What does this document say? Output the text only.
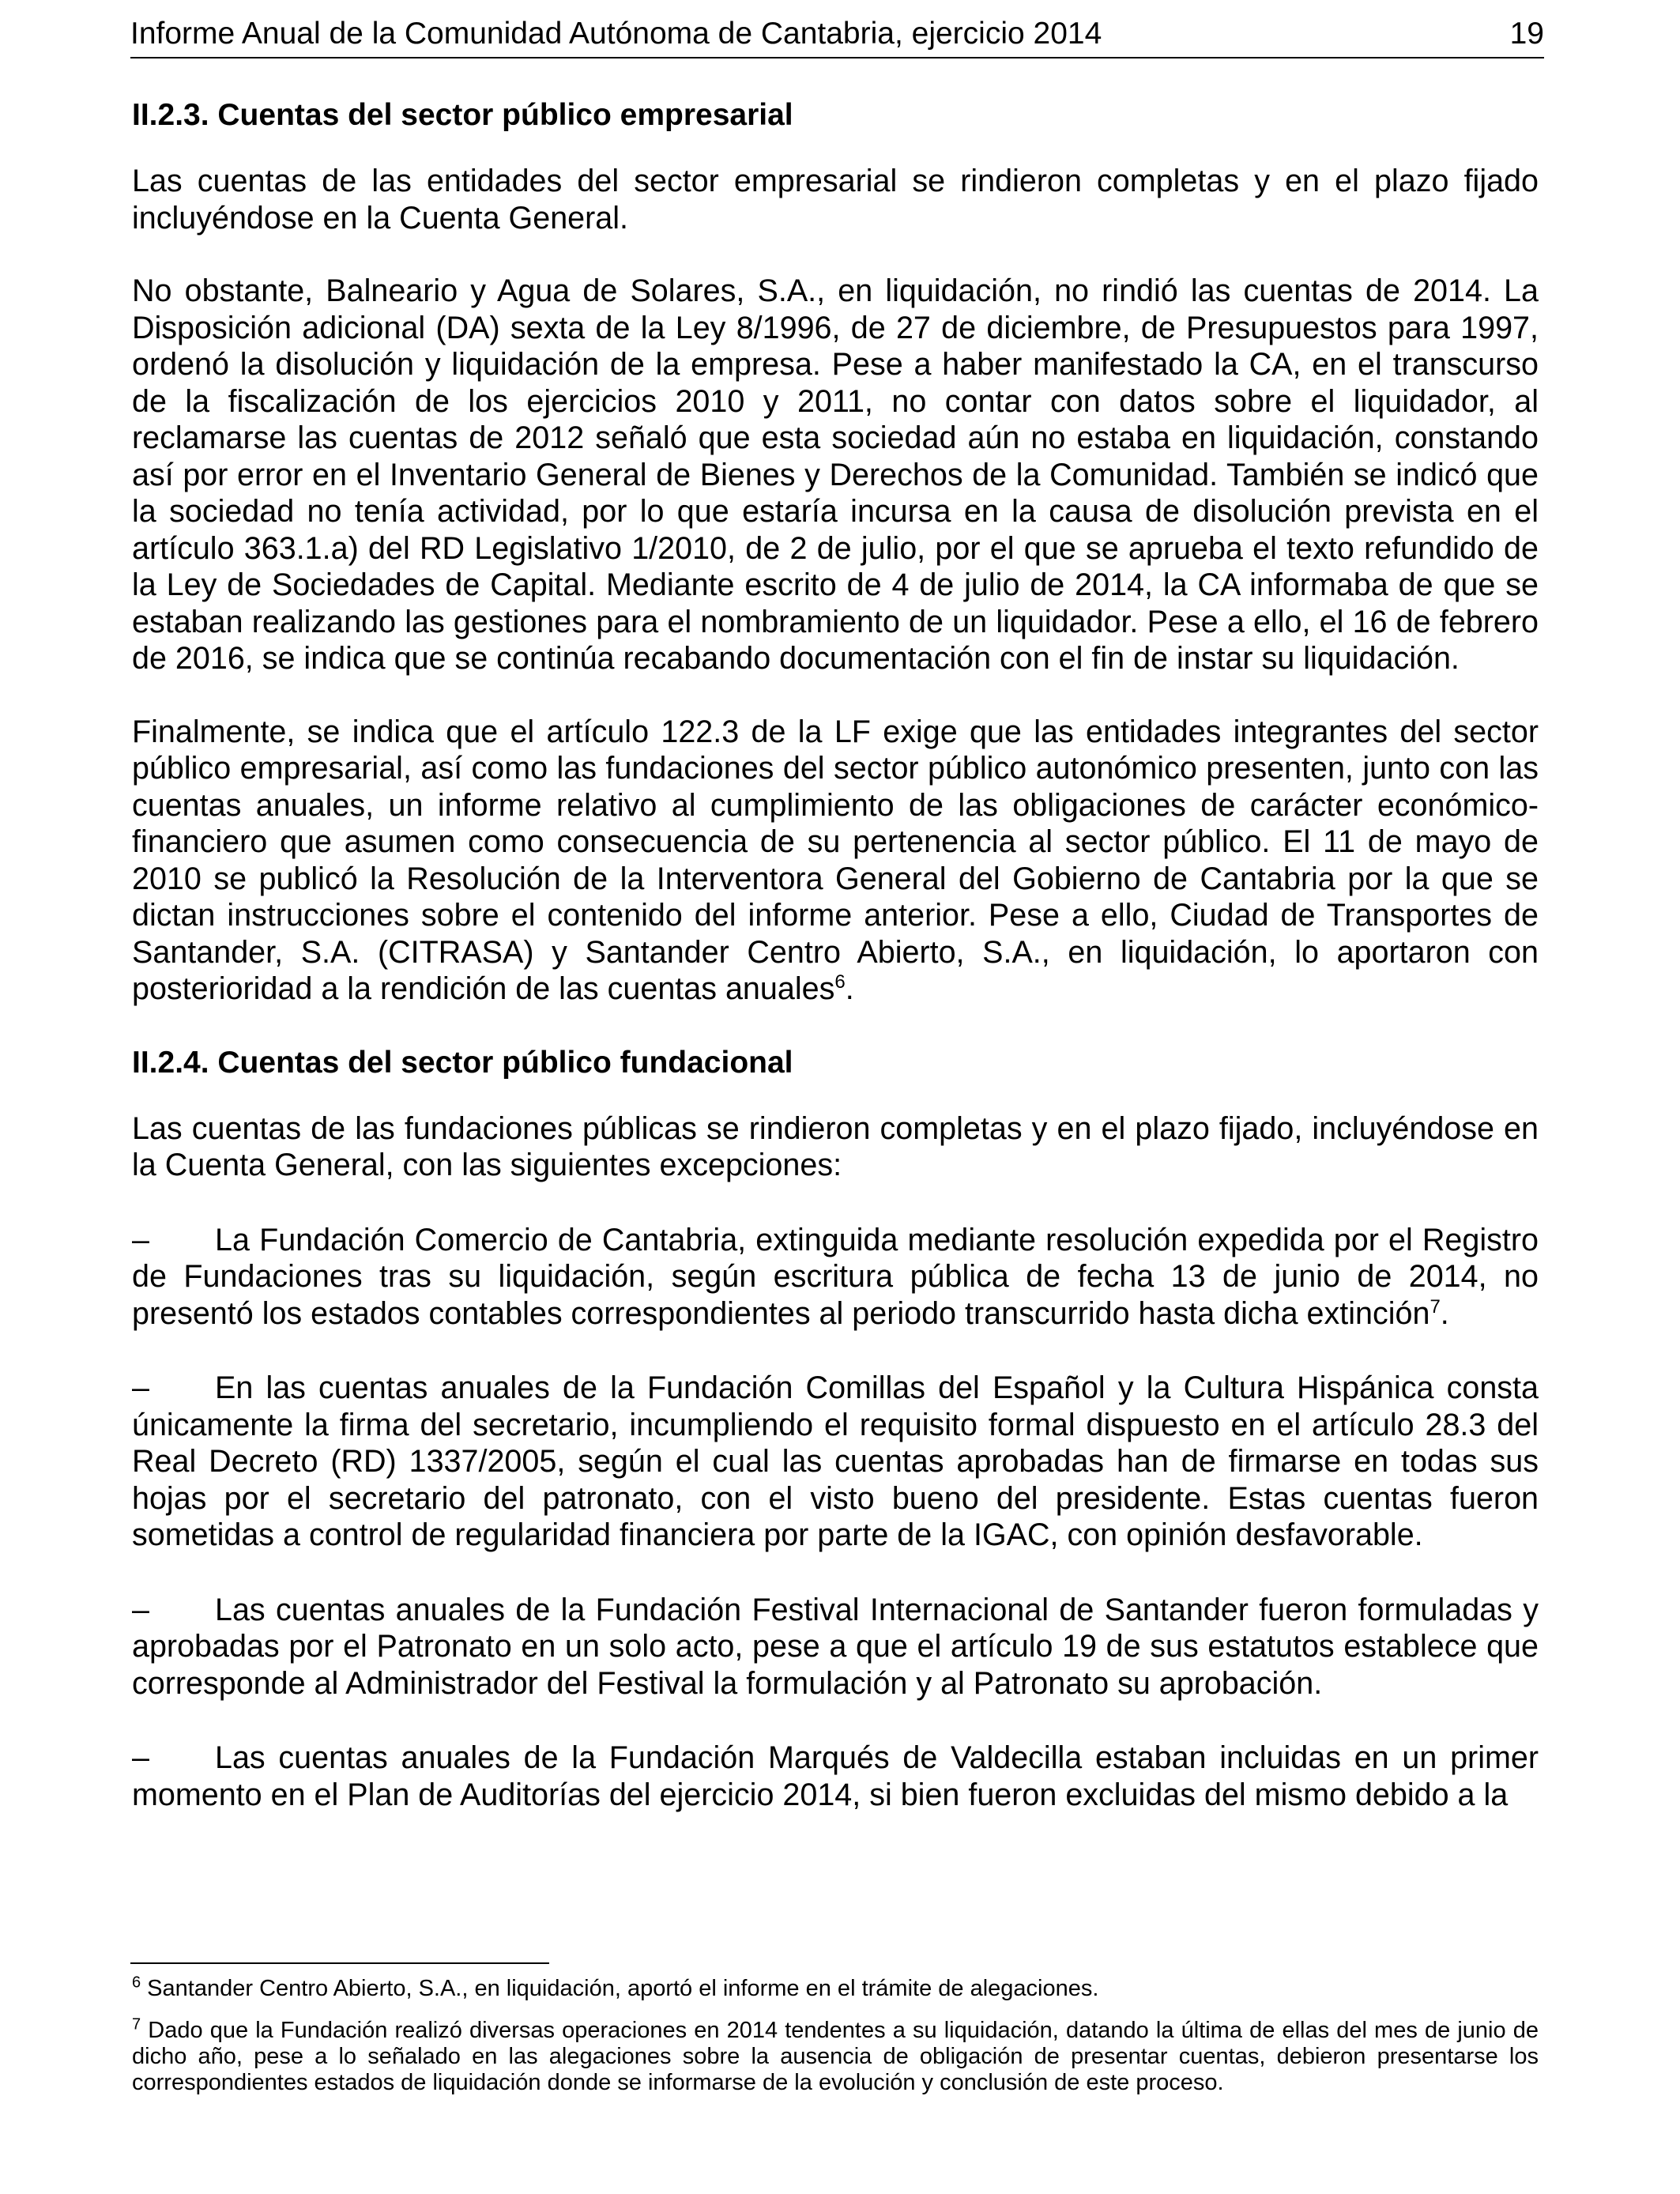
Informe Anual de la Comunidad Autónoma de Cantabria, ejercicio 2014	19
II.2.3. Cuentas del sector público empresarial

Las cuentas de las entidades del sector empresarial se rindieron completas y en el plazo fijado incluyéndose en la Cuenta General.

No obstante, Balneario y Agua de Solares, S.A., en liquidación, no rindió las cuentas de 2014. La Disposición adicional (DA) sexta de la Ley 8/1996, de 27 de diciembre, de Presupuestos para 1997, ordenó la disolución y liquidación de la empresa. Pese a haber manifestado la CA, en el transcurso de la fiscalización de los ejercicios 2010 y 2011, no contar con datos sobre el liquidador, al reclamarse las cuentas de 2012 señaló que esta sociedad aún no estaba en liquidación, constando así por error en el Inventario General de Bienes y Derechos de la Comunidad. También se indicó que la sociedad no tenía actividad, por lo que estaría incursa en la causa de disolución prevista en el artículo 363.1.a) del RD Legislativo 1/2010, de 2 de julio, por el que se aprueba el texto refundido de la Ley de Sociedades de Capital. Mediante escrito de 4 de julio de 2014, la CA informaba de que se estaban realizando las gestiones para el nombramiento de un liquidador. Pese a ello, el 16 de febrero de 2016, se indica que se continúa recabando documentación con el fin de instar su liquidación.

Finalmente, se indica que el artículo 122.3 de la LF exige que las entidades integrantes del sector público empresarial, así como las fundaciones del sector público autonómico presenten, junto con las cuentas anuales, un informe relativo al cumplimiento de las obligaciones de carácter económico-financiero que asumen como consecuencia de su pertenencia al sector público. El 11 de mayo de 2010 se publicó la Resolución de la Interventora General del Gobierno de Cantabria por la que se dictan instrucciones sobre el contenido del informe anterior. Pese a ello, Ciudad de Transportes de Santander, S.A. (CITRASA) y Santander Centro Abierto, S.A., en liquidación, lo aportaron con posterioridad a la rendición de las cuentas anuales$^6$.

II.2.4. Cuentas del sector público fundacional

Las cuentas de las fundaciones públicas se rindieron completas y en el plazo fijado, incluyéndose en la Cuenta General, con las siguientes excepciones:

– La Fundación Comercio de Cantabria, extinguida mediante resolución expedida por el Registro de Fundaciones tras su liquidación, según escritura pública de fecha 13 de junio de 2014, no presentó los estados contables correspondientes al periodo transcurrido hasta dicha extinción$^7$.

– En las cuentas anuales de la Fundación Comillas del Español y la Cultura Hispánica consta únicamente la firma del secretario, incumpliendo el requisito formal dispuesto en el artículo 28.3 del Real Decreto (RD) 1337/2005, según el cual las cuentas aprobadas han de firmarse en todas sus hojas por el secretario del patronato, con el visto bueno del presidente. Estas cuentas fueron sometidas a control de regularidad financiera por parte de la IGAC, con opinión desfavorable.

– Las cuentas anuales de la Fundación Festival Internacional de Santander fueron formuladas y aprobadas por el Patronato en un solo acto, pese a que el artículo 19 de sus estatutos establece que corresponde al Administrador del Festival la formulación y al Patronato su aprobación.

– Las cuentas anuales de la Fundación Marqués de Valdecilla estaban incluidas en un primer momento en el Plan de Auditorías del ejercicio 2014, si bien fueron excluidas del mismo debido a la

$^6$ Santander Centro Abierto, S.A., en liquidación, aportó el informe en el trámite de alegaciones.

$^7$ Dado que la Fundación realizó diversas operaciones en 2014 tendentes a su liquidación, datando la última de ellas del mes de junio de dicho año, pese a lo señalado en las alegaciones sobre la ausencia de obligación de presentar cuentas, debieron presentarse los correspondientes estados de liquidación donde se informarse de la evolución y conclusión de este proceso.
